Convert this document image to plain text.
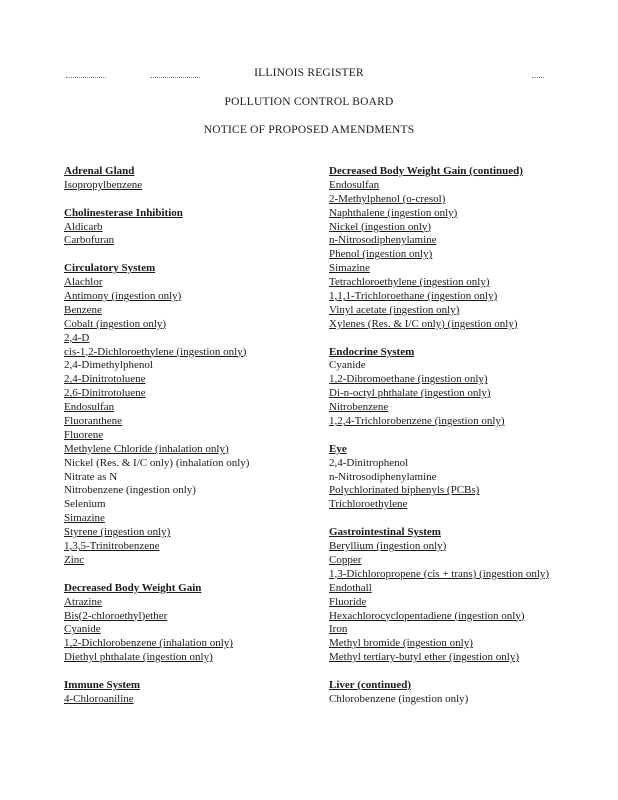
ILLINOIS REGISTER
POLLUTION CONTROL BOARD
NOTICE OF PROPOSED AMENDMENTS
Adrenal Gland
Isopropylbenzene
Cholinesterase Inhibition
Aldicarb
Carbofuran
Circulatory System
Alachlor
Antimony (ingestion only)
Benzene
Cobalt (ingestion only)
2,4-D
cis-1,2-Dichloroethylene (ingestion only)
2,4-Dimethylphenol
2,4-Dinitrotoluene
2,6-Dinitrotoluene
Endosulfan
Fluoranthene
Fluorene
Methylene Chloride (inhalation only)
Nickel (Res. & I/C only) (inhalation only)
Nitrate as N
Nitrobenzene (ingestion only)
Selenium
Simazine
Styrene (ingestion only)
1,3,5-Trinitrobenzene
Zinc
Decreased Body Weight Gain
Atrazine
Bis(2-chloroethyl)ether
Cyanide
1,2-Dichlorobenzene (inhalation only)
Diethyl phthalate (ingestion only)
Immune System
4-Chloroaniline
Decreased Body Weight Gain (continued)
Endosulfan
2-Methylphenol (o-cresol)
Naphthalene (ingestion only)
Nickel (ingestion only)
n-Nitrosodiphenylamine
Phenol (ingestion only)
Simazine
Tetrachloroethylene (ingestion only)
1,1,1-Trichloroethane (ingestion only)
Vinyl acetate (ingestion only)
Xylenes (Res. & I/C only) (ingestion only)
Endocrine System
Cyanide
1,2-Dibromoethane (ingestion only)
Di-n-octyl phthalate (ingestion only)
Nitrobenzene
1,2,4-Trichlorobenzene (ingestion only)
Eye
2,4-Dinitrophenol
n-Nitrosodiphenylamine
Polychlorinated biphenyls (PCBs)
Trichloroethylene
Gastrointestinal System
Beryllium (ingestion only)
Copper
1,3-Dichloropropene (cis + trans) (ingestion only)
Endothall
Fluoride
Hexachlorocyclopentadiene (ingestion only)
Iron
Methyl bromide (ingestion only)
Methyl tertiary-butyl ether (ingestion only)
Liver (continued)
Chlorobenzene (ingestion only)
